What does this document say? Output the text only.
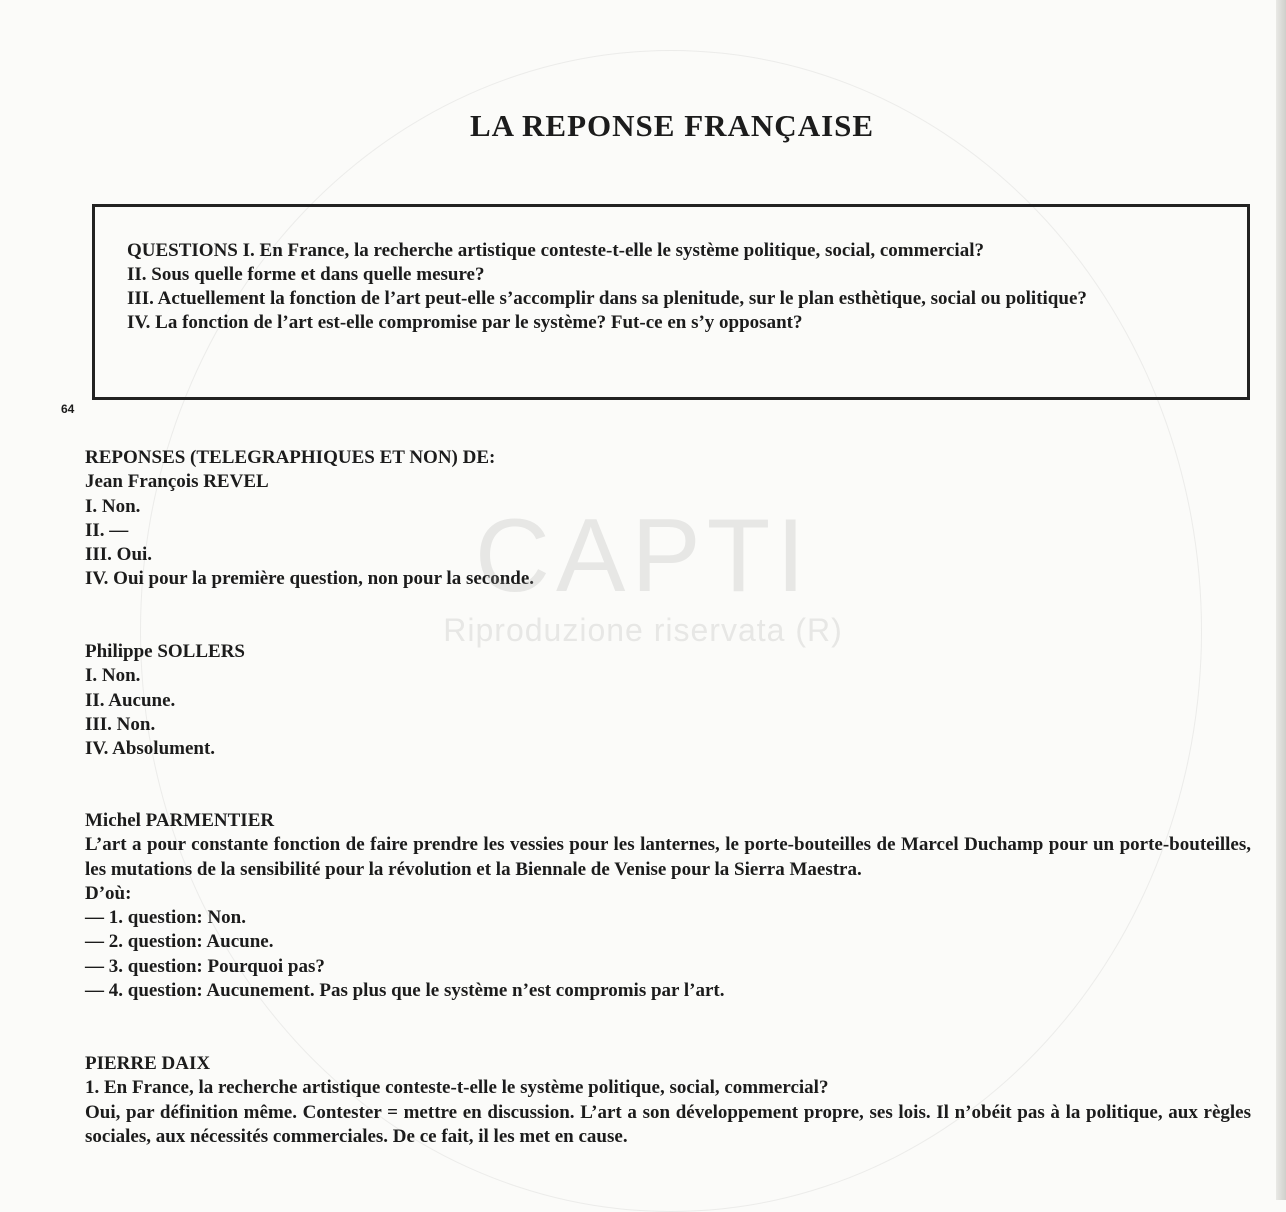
LA REPONSE FRANÇAISE
QUESTIONS I. En France, la recherche artistique conteste-t-elle le système politique, social, commercial?
II. Sous quelle forme et dans quelle mesure?
III. Actuellement la fonction de l’art peut-elle s’accomplir dans sa plenitude, sur le plan esthètique, social ou politique?
IV. La fonction de l’art est-elle compromise par le système? Fut-ce en s’y opposant?
64

REPONSES (TELEGRAPHIQUES ET NON) DE:

Jean François REVEL

I. Non.

II. —

III. Oui.

IV. Oui pour la première question, non pour la seconde.

Philippe SOLLERS

I. Non.

II. Aucune.

III. Non.

IV. Absolument.

Michel PARMENTIER

L’art a pour constante fonction de faire prendre les vessies pour les lanternes, le porte-bouteilles de Marcel Duchamp pour un porte-bouteilles, les mutations de la sensibilité pour la révolution et la Biennale de Venise pour la Sierra Maestra.

D’où:

— 1. question: Non.

— 2. question: Aucune.

— 3. question: Pourquoi pas?

— 4. question: Aucunement. Pas plus que le système n’est compromis par l’art.

PIERRE DAIX

1. En France, la recherche artistique conteste-t-elle le système politique, social, commercial?

Oui, par définition même. Contester = mettre en discussion. L’art a son développement propre, ses lois. Il n’obéit pas à la politique, aux règles sociales, aux nécessités commerciales. De ce fait, il les met en cause.

CAPTI
Riproduzione riservata (R)
